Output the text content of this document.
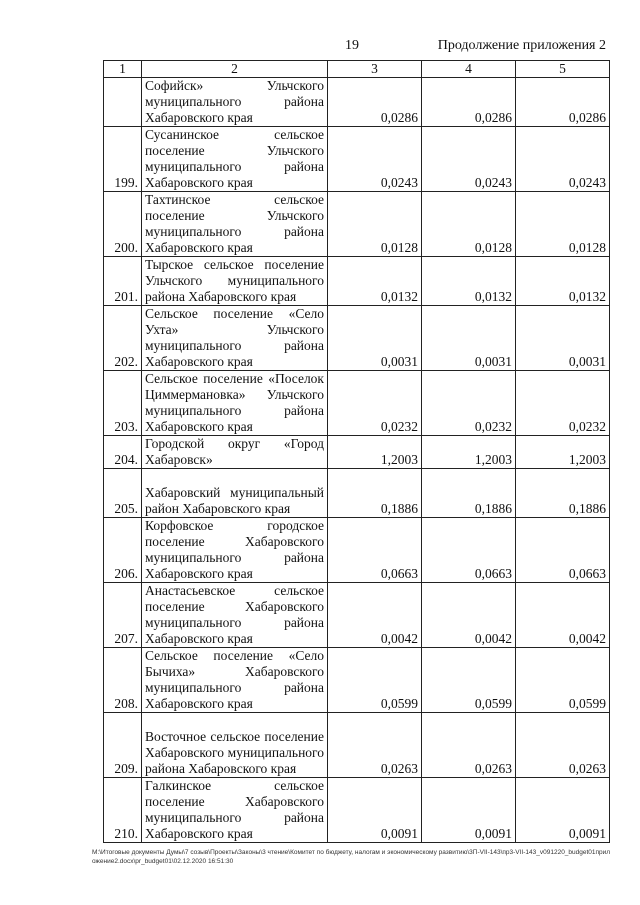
19	Продолжение приложения 2
1	2	3	4	5
	Софийск» Ульчского муниципального района Хабаровского края	0,0286	0,0286	0,0286
199.	Сусанинское сельское поселение Ульчского муниципального района Хабаровского края	0,0243	0,0243	0,0243
200.	Тахтинское сельское поселение Ульчского муниципального района Хабаровского края	0,0128	0,0128	0,0128
201.	Тырское сельское поселение Ульчского муниципального района Хабаровского края	0,0132	0,0132	0,0132
202.	Сельское поселение «Село Ухта» Ульчского муниципального района Хабаровского края	0,0031	0,0031	0,0031
203.	Сельское поселение «Поселок Циммермановка» Ульчского муниципального района Хабаровского края	0,0232	0,0232	0,0232
204.	Городской округ «Город Хабаровск»	1,2003	1,2003	1,2003
205.	Хабаровский муниципальный район Хабаровского края	0,1886	0,1886	0,1886
206.	Корфовское городское поселение Хабаровского муниципального района Хабаровского края	0,0663	0,0663	0,0663
207.	Анастасьевское сельское поселение Хабаровского муниципального района Хабаровского края	0,0042	0,0042	0,0042
208.	Сельское поселение «Село Бычиха» Хабаровского муниципального района Хабаровского края	0,0599	0,0599	0,0599
209.	Восточное сельское поселение Хабаровского муниципального района Хабаровского края	0,0263	0,0263	0,0263
210.	Галкинское сельское поселение Хабаровского муниципального района Хабаровского края	0,0091	0,0091	0,0091
M:\Итоговые документы Думы\7 созыв\Проекты\Законы\3 чтение\Комитет по бюджету, налогам и экономическому развитию\3П-VII-143\пр3-VII-143_v091220_budget01приложение2.docx\pr_budget01\02.12.2020 16:51:30
